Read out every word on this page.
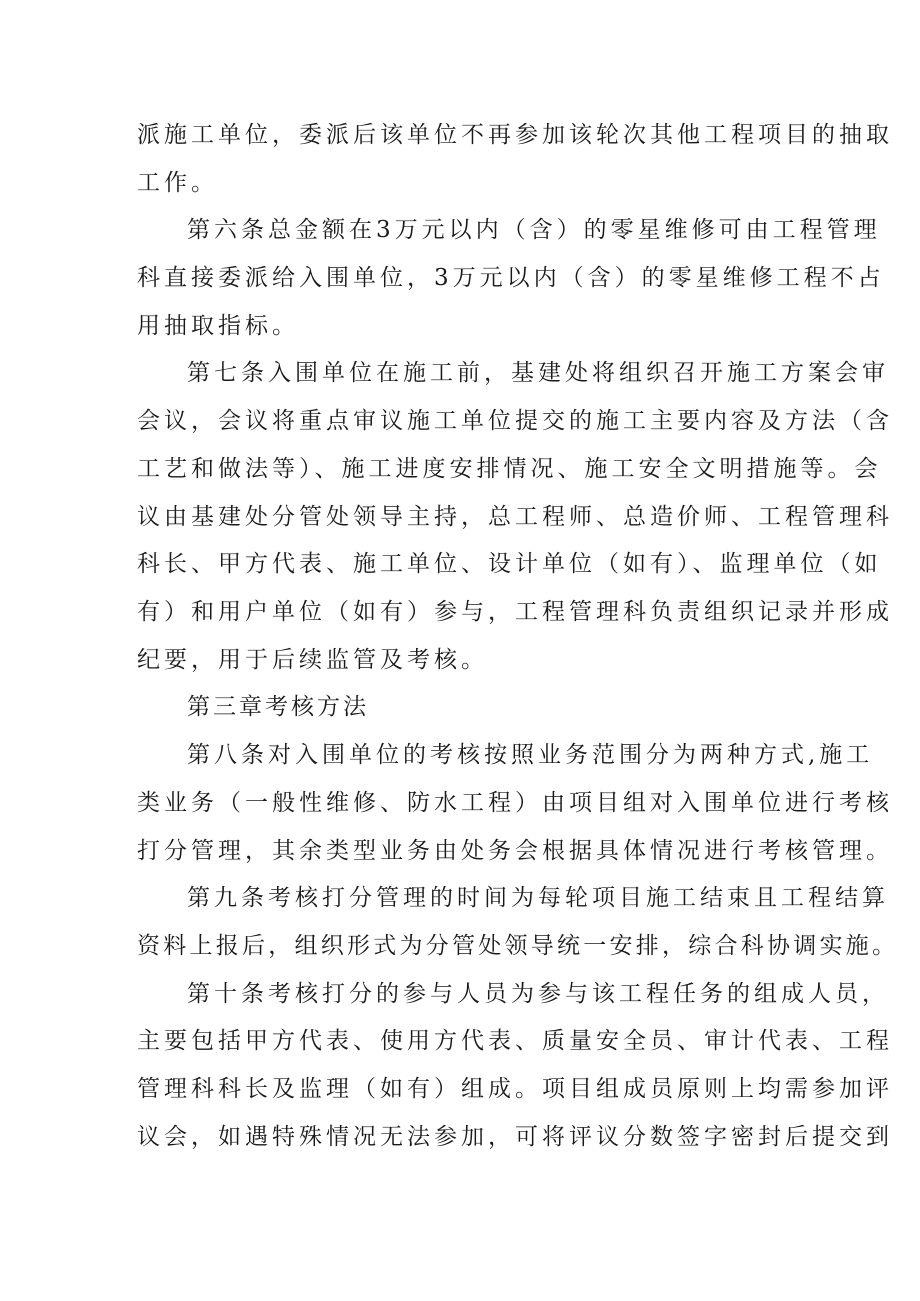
派施工单位，委派后该单位不再参加该轮次其他工程项目的抽取

工作。

第六条总金额在3万元以内（含）的零星维修可由工程管理

科直接委派给入围单位，3万元以内（含）的零星维修工程不占

用抽取指标。

第七条入围单位在施工前，基建处将组织召开施工方案会审

会议，会议将重点审议施工单位提交的施工主要内容及方法（含

工艺和做法等）、施工进度安排情况、施工安全文明措施等。会

议由基建处分管处领导主持，总工程师、总造价师、工程管理科

科长、甲方代表、施工单位、设计单位（如有）、监理单位（如

有）和用户单位（如有）参与，工程管理科负责组织记录并形成

纪要，用于后续监管及考核。

第三章考核方法

第八条对入围单位的考核按照业务范围分为两种方式,施工

类业务（一般性维修、防水工程）由项目组对入围单位进行考核

打分管理，其余类型业务由处务会根据具体情况进行考核管理。

第九条考核打分管理的时间为每轮项目施工结束且工程结算

资料上报后，组织形式为分管处领导统一安排，综合科协调实施。

第十条考核打分的参与人员为参与该工程任务的组成人员，

主要包括甲方代表、使用方代表、质量安全员、审计代表、工程

管理科科长及监理（如有）组成。项目组成员原则上均需参加评

议会，如遇特殊情况无法参加，可将评议分数签字密封后提交到
